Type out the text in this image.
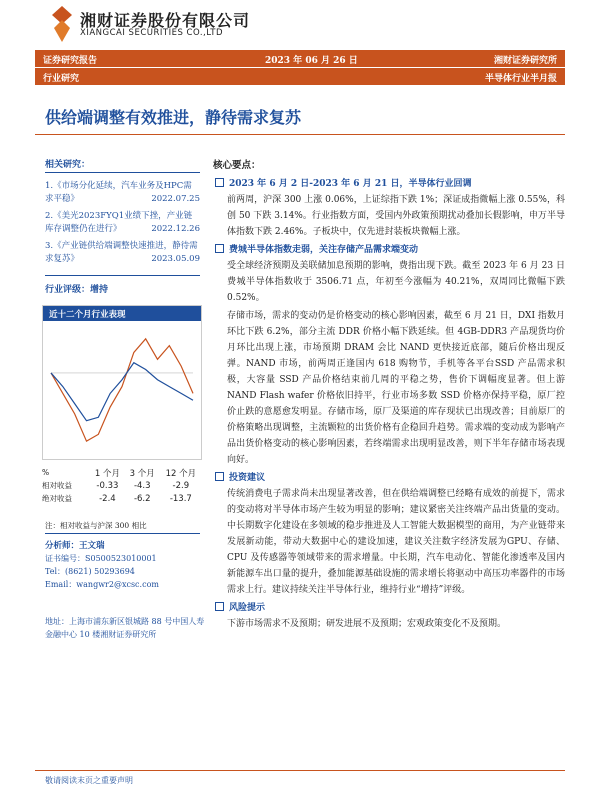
湘财证券股份有限公司
XIANGCAI SECURITIES CO.,LTD
证券研究报告	2023 年 06 月 26 日	湘财证券研究所
行业研究	半导体行业半月报
供给端调整有效推进，静待需求复苏
相关研究：
1.《市场分化延续，汽车业务及HPC需求平稳》	2022.07.25
2.《美光2023FYQ1业绩下挫，产业链库存调整仍在进行》	2022.12.26
3.《产业链供给端调整快速推进，静待需求复苏》	2023.05.09
行业评级：增持
近十二个月行业表现
%	1 个月	3 个月	12 个月
相对收益	-0.33	-4.3	-2.9
绝对收益	-2.4	-6.2	-13.7
注：相对收益与沪深 300 相比
分析师：王文瑞
证书编号：S0500523010001
Tel：(8621) 50293694
Email：wangwr2@xcsc.com
地址：上海市浦东新区银城路 88 号中国人寿金融中心 10 楼湘财证券研究所
核心要点：
2023 年 6 月 2 日-2023 年 6 月 21 日，半导体行业回调
前两周，沪深 300 上涨 0.06%，上证综指下跌 1%；深证成指微幅上涨 0.55%，科创 50 下跌 3.14%。行业指数方面，受国内外政策预期扰动叠加长假影响，申万半导体指数下跌 2.46%。子板块中，仅先进封装板块微幅上涨。
费城半导体指数走弱，关注存储产品需求端变动
受全球经济预期及美联储加息预期的影响，费指出现下跌。截至 2023 年 6 月 23 日费城半导体指数收于 3506.71 点，年初至今涨幅为 40.21%，双周同比微幅下跌 0.52%。
存储市场，需求的变动仍是价格变动的核心影响因素，截至 6 月 21 日，DXI 指数月环比下跌 6.2%，部分主流 DDR 价格小幅下跌延续。但 4GB-DDR3 产品现货均价月环比出现上涨，市场预期 DRAM 会比 NAND 更快接近底部，随后价格出现反弹。NAND 市场，前两周正逢国内 618 购物节，手机等各平台SSD 产品需求积极，大容量 SSD 产品价格结束前几周的平稳之势，售价下调幅度显著。但上游 NAND Flash wafer 价格依旧持平，行业市场多数 SSD 价格亦保持平稳，原厂控价止跌的意愿愈发明显。存储市场，原厂及渠道的库存现状已出现改善；目前原厂的价格策略出现调整，主流颗粒的出货价格有企稳回升趋势。需求端的变动成为影响产品出货价格变动的核心影响因素，若终端需求出现明显改善，则下半年存储市场表现向好。
投资建议
传统消费电子需求尚未出现显著改善，但在供给端调整已经略有成效的前提下，需求的变动将对半导体市场产生较为明显的影响；建议紧密关注终端产品出货量的变动。中长期数字化建设在多领域的稳步推进及人工智能大数据模型的商用，为产业链带来发展新动能，带动大数据中心的建设加速，建议关注数字经济发展为GPU、存储、CPU 及传感器等领域带来的需求增量。中长期，汽车电动化、智能化渗透率及国内新能源车出口量的提升，叠加能源基础设施的需求增长将驱动中高压功率器件的市场需求上行。建议持续关注半导体行业，维持行业“增持”评级。
风险提示
下游市场需求不及预期；研发进展不及预期；宏观政策变化不及预期。
敬请阅读末页之重要声明
